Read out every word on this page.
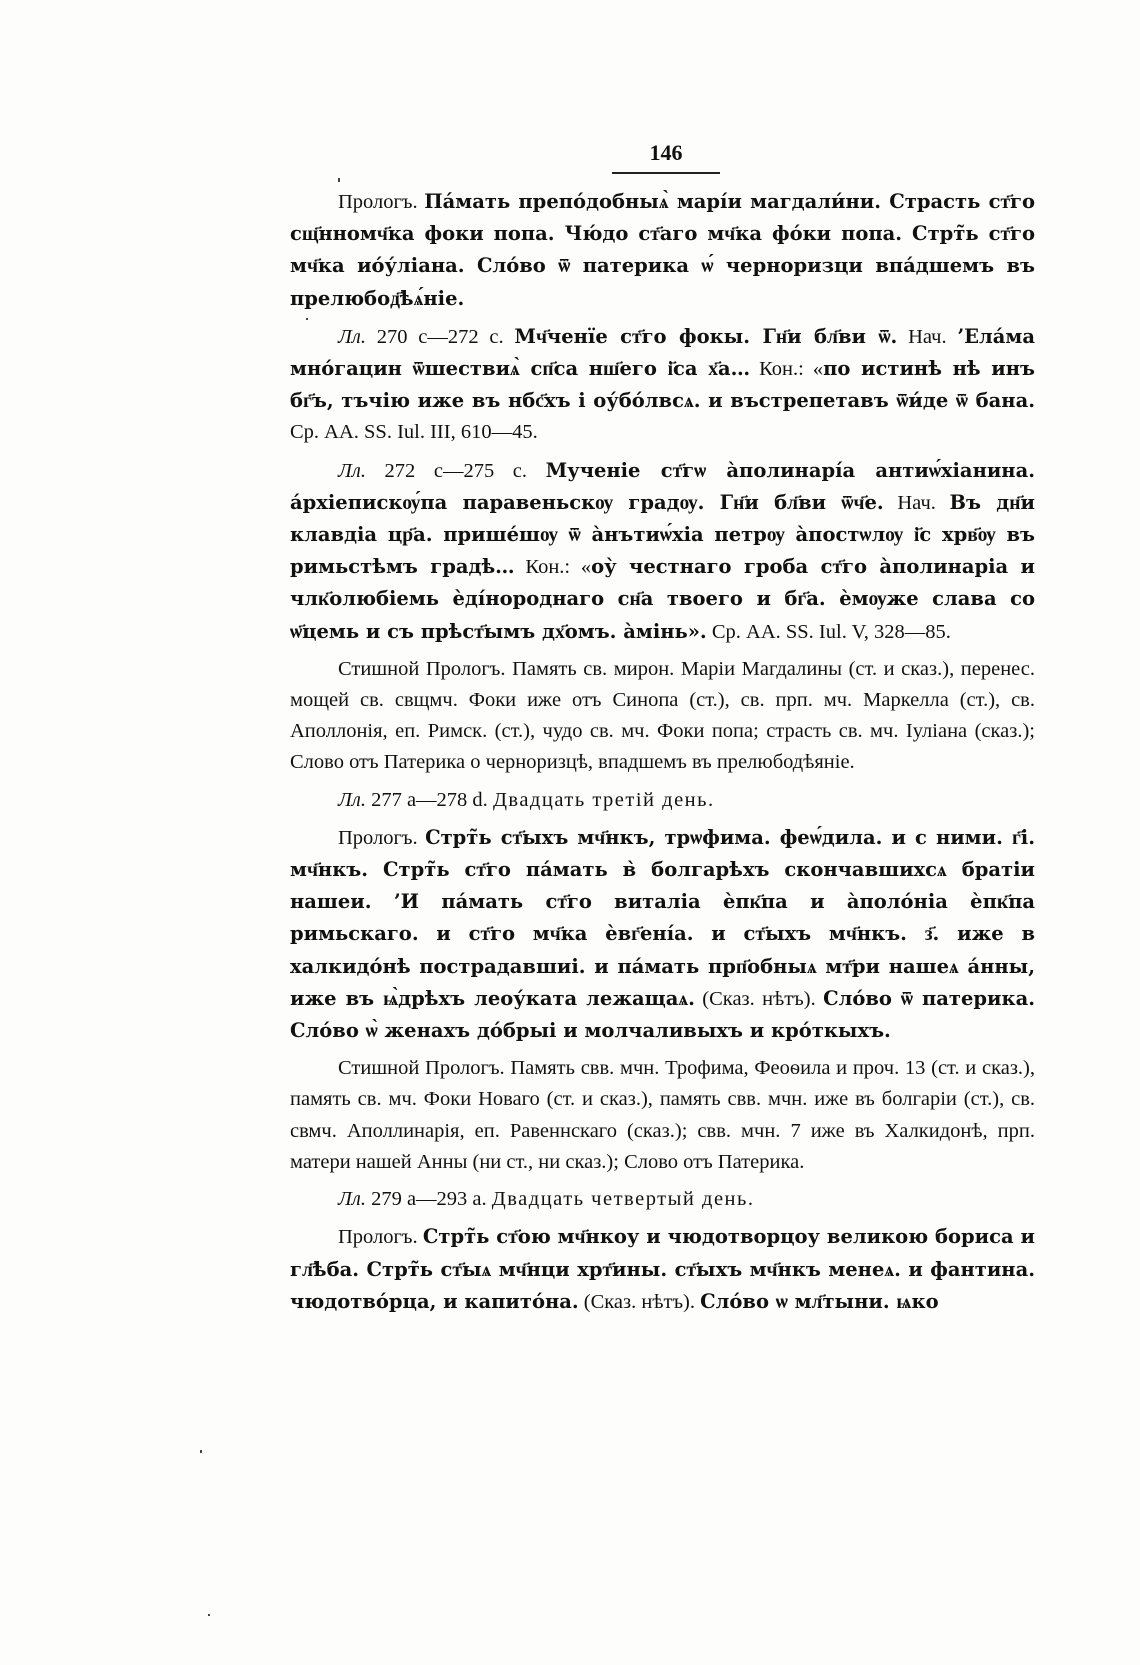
146

Прологъ. Пáмать препо́добныѧ̀ марі́и магдали́ни. Страсть ст҃го сщ҃нномч҃ка фоки попа. Чю́до ст҃аго мч҃ка фо́ки попа. Стрт̃ь ст҃го мч҃ка ио́у́ліана. Сло́во ѿ патерика ѡ́ черноризци впа́дшемъ въ прелюбод҃ѣѧ́ніе.

Лл. 270 c—272 c. Мч҃ченїе ст҃го фокы. Гн҃и бл҃ви ѿ. Нач. ’Ела́ма мно́гацин ѿшествиѧ̀ сп҃са нш҃его і҃са х҃а… Кон.: «по истинѣ нѣ инъ бг҃ъ, тъчію иже въ нбс҃хъ і оу́бо́лвсѧ. и въстрепетавъ ѿи́де ѿ бана. Ср. AA. SS. Iul. III, 610—45.

Лл. 272 c—275 c. Мученіе ст҃гѡ а̀полинарі́а антиѡ́хіанина. а́рхіепискѹ́па паравеньскѹ градѹ. Гн҃и бл҃ви ѿч҃е. Нач. Въ дн҃и клавдіа цр҃а. прише́шѹ ѿ а̀нътиѡ́хіа петрѹ а̀постѡлѹ і҃с хрв҃ѹ въ римьстѣмъ градѣ… Кон.: «оу̀ честнаго гроба ст҃го а̀полинаріа и члк҃олюбіемь ѐді́нороднаго сн҃а твоего и бг҃а. ѐмѹже слава со ѡ҃цемь и съ прѣст҃ымъ дх҃омъ. а̀мінь». Ср. AA. SS. Iul. V, 328—85.

Стишной Прологъ. Память св. мирон. Маріи Магдалины (ст. и сказ.), перенес. мощей св. свщмч. Фоки иже отъ Синопа (ст.), св. прп. мч. Маркелла (ст.), св. Аполлонія, еп. Римск. (ст.), чудо св. мч. Фоки попа; страсть св. мч. Іуліана (сказ.); Слово отъ Патерика о черноризцѣ, впадшемъ въ прелюбодѣяніе.

Лл. 277 a—278 d. Двадцать третій день.

Прологъ. Стрт̃ь ст҃ыхъ мч҃нкъ, трѡфима. феѡ́дила. и с ними. г҃і. мч҃нкъ. Стрт̃ь ст҃го па́мать в̀ болгарѣхъ скончавшихсѧ братіи нашеи. ’И па́мать ст҃го виталіа ѐпк҃па и а̀поло́ніа ѐпк҃па римьскаго. и ст҃го мч҃ка ѐвг҃ені́а. и ст҃ыхъ мч҃нкъ. з҃. иже в халкидо́нѣ пострадавшиі. и па́мать прп҃обныѧ мт҃ри нашеѧ а́нны, иже въ ѩ̀дрѣхъ леоу́ката лежащаѧ. (Сказ. нѣтъ). Сло́во ѿ патерика. Сло́во ѡ̀ женахъ до́брыі и молчаливыхъ и кро́ткыхъ.

Стишной Прологъ. Память свв. мчн. Трофима, Феоѳила и проч. 13 (ст. и сказ.), память св. мч. Фоки Новаго (ст. и сказ.), память свв. мчн. иже въ болгаріи (ст.), св. свмч. Аполлинарія, еп. Равеннскаго (сказ.); свв. мчн. 7 иже въ Халкидонѣ, прп. матери нашей Анны (ни ст., ни сказ.); Слово отъ Патерика.

Лл. 279 a—293 a. Двадцать четвертый день.

Прологъ. Стрт̃ь ст҃ою мч҃нкоу и чюдотворцоу великою бориса и гл҃ѣба. Стрт̃ь ст҃ыѧ мч҃нци хрт҃ины. ст҃ыхъ мч҃нкъ менеѧ. и фантина. чюдотво́рца, и капито́на. (Сказ. нѣтъ). Сло́во ѡ мл҃тыни. ѩко
